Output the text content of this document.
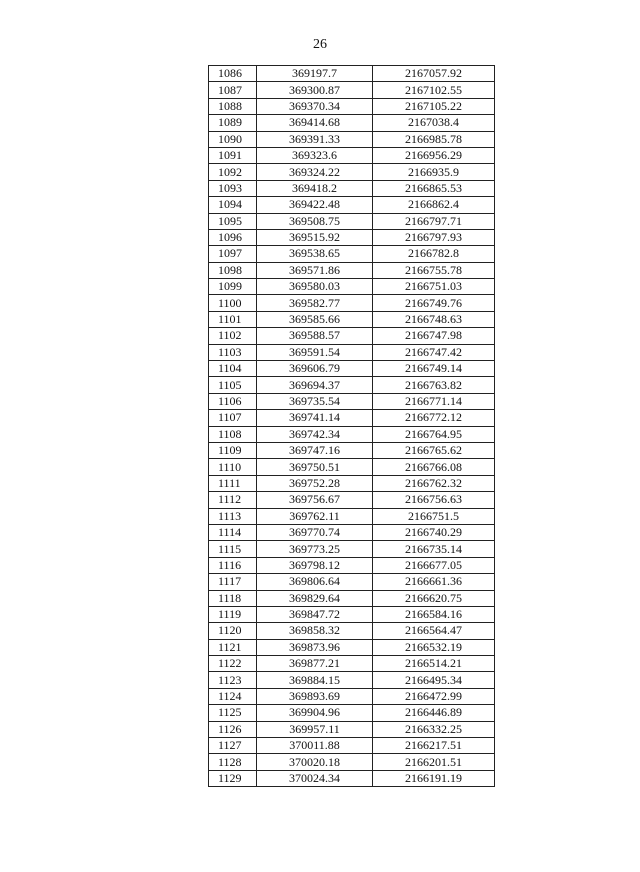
26
1086	369197.7	2167057.92
1087	369300.87	2167102.55
1088	369370.34	2167105.22
1089	369414.68	2167038.4
1090	369391.33	2166985.78
1091	369323.6	2166956.29
1092	369324.22	2166935.9
1093	369418.2	2166865.53
1094	369422.48	2166862.4
1095	369508.75	2166797.71
1096	369515.92	2166797.93
1097	369538.65	2166782.8
1098	369571.86	2166755.78
1099	369580.03	2166751.03
1100	369582.77	2166749.76
1101	369585.66	2166748.63
1102	369588.57	2166747.98
1103	369591.54	2166747.42
1104	369606.79	2166749.14
1105	369694.37	2166763.82
1106	369735.54	2166771.14
1107	369741.14	2166772.12
1108	369742.34	2166764.95
1109	369747.16	2166765.62
1110	369750.51	2166766.08
1111	369752.28	2166762.32
1112	369756.67	2166756.63
1113	369762.11	2166751.5
1114	369770.74	2166740.29
1115	369773.25	2166735.14
1116	369798.12	2166677.05
1117	369806.64	2166661.36
1118	369829.64	2166620.75
1119	369847.72	2166584.16
1120	369858.32	2166564.47
1121	369873.96	2166532.19
1122	369877.21	2166514.21
1123	369884.15	2166495.34
1124	369893.69	2166472.99
1125	369904.96	2166446.89
1126	369957.11	2166332.25
1127	370011.88	2166217.51
1128	370020.18	2166201.51
1129	370024.34	2166191.19
